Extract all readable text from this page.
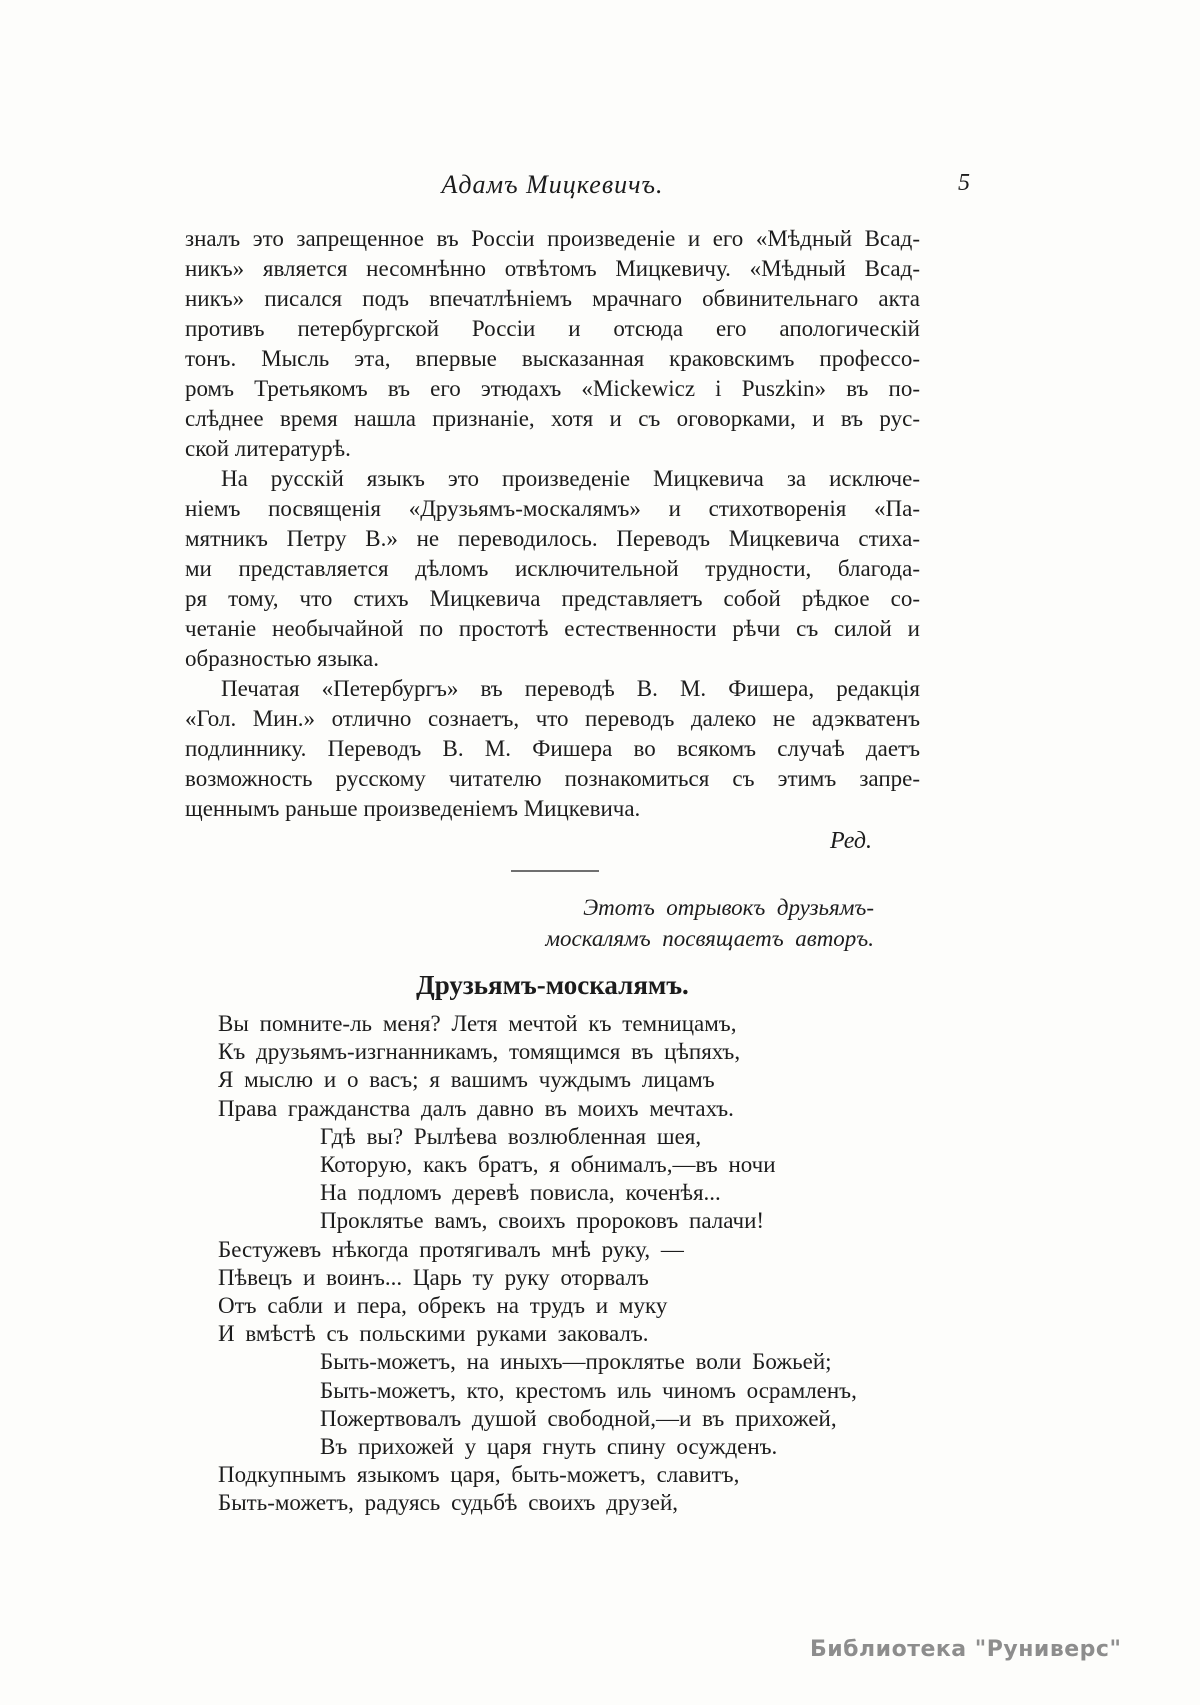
Адамъ Мицкевичъ.	5
зналъ это запрещенное въ Россіи произведеніе и его «Мѣдный Всад-
никъ» является несомнѣнно отвѣтомъ Мицкевичу. «Мѣдный Всад-
никъ» писался подъ впечатлѣніемъ мрачнаго обвинительнаго акта
противъ петербургской Россіи и отсюда его апологическій
тонъ. Мысль эта, впервые высказанная краковскимъ профессо-
ромъ Третьякомъ въ его этюдахъ «Mickewicz i Puszkin» въ по-
слѣднее время нашла признаніе, хотя и съ оговорками, и въ рус-
ской литературѣ.
На русскій языкъ это произведеніе Мицкевича за исключе-
ніемъ посвященія «Друзьямъ-москалямъ» и стихотворенія «Па-
мятникъ Петру В.» не переводилось. Переводъ Мицкевича стиха-
ми представляется дѣломъ исключительной трудности, благода-
ря тому, что стихъ Мицкевича представляетъ собой рѣдкое со-
четаніе необычайной по простотѣ естественности рѣчи съ силой и
образностью языка.
Печатая «Петербургъ» въ переводѣ В. М. Фишера, редакція
«Гол. Мин.» отлично сознаетъ, что переводъ далеко не адэкватенъ
подлиннику. Переводъ В. М. Фишера во всякомъ случаѣ даетъ
возможность русскому читателю познакомиться съ этимъ запре-
щеннымъ раньше произведеніемъ Мицкевича.
Ред.
Этотъ отрывокъ друзьямъ-
москалямъ посвящаетъ авторъ.
Друзьямъ-москалямъ.
Вы помните-ль меня? Летя мечтой къ темницамъ,
Къ друзьямъ-изгнанникамъ, томящимся въ цѣпяхъ,
Я мыслю и о васъ; я вашимъ чуждымъ лицамъ
Права гражданства далъ давно въ моихъ мечтахъ.
Гдѣ вы? Рылѣева возлюбленная шея,
Которую, какъ братъ, я обнималъ,—въ ночи
На подломъ деревѣ повисла, коченѣя...
Проклятье вамъ, своихъ пророковъ палачи!
Бестужевъ нѣкогда протягивалъ мнѣ руку, —
Пѣвецъ и воинъ... Царь ту руку оторвалъ
Отъ сабли и пера, обрекъ на трудъ и муку
И вмѣстѣ съ польскими руками заковалъ.
Быть-можетъ, на иныхъ—проклятье воли Божьей;
Быть-можетъ, кто, крестомъ иль чиномъ осрамленъ,
Пожертвовалъ душой свободной,—и въ прихожей,
Въ прихожей у царя гнуть спину осужденъ.
Подкупнымъ языкомъ царя, быть-можетъ, славитъ,
Быть-можетъ, радуясь судьбѣ своихъ друзей,
Библиотека "Руниверс"
